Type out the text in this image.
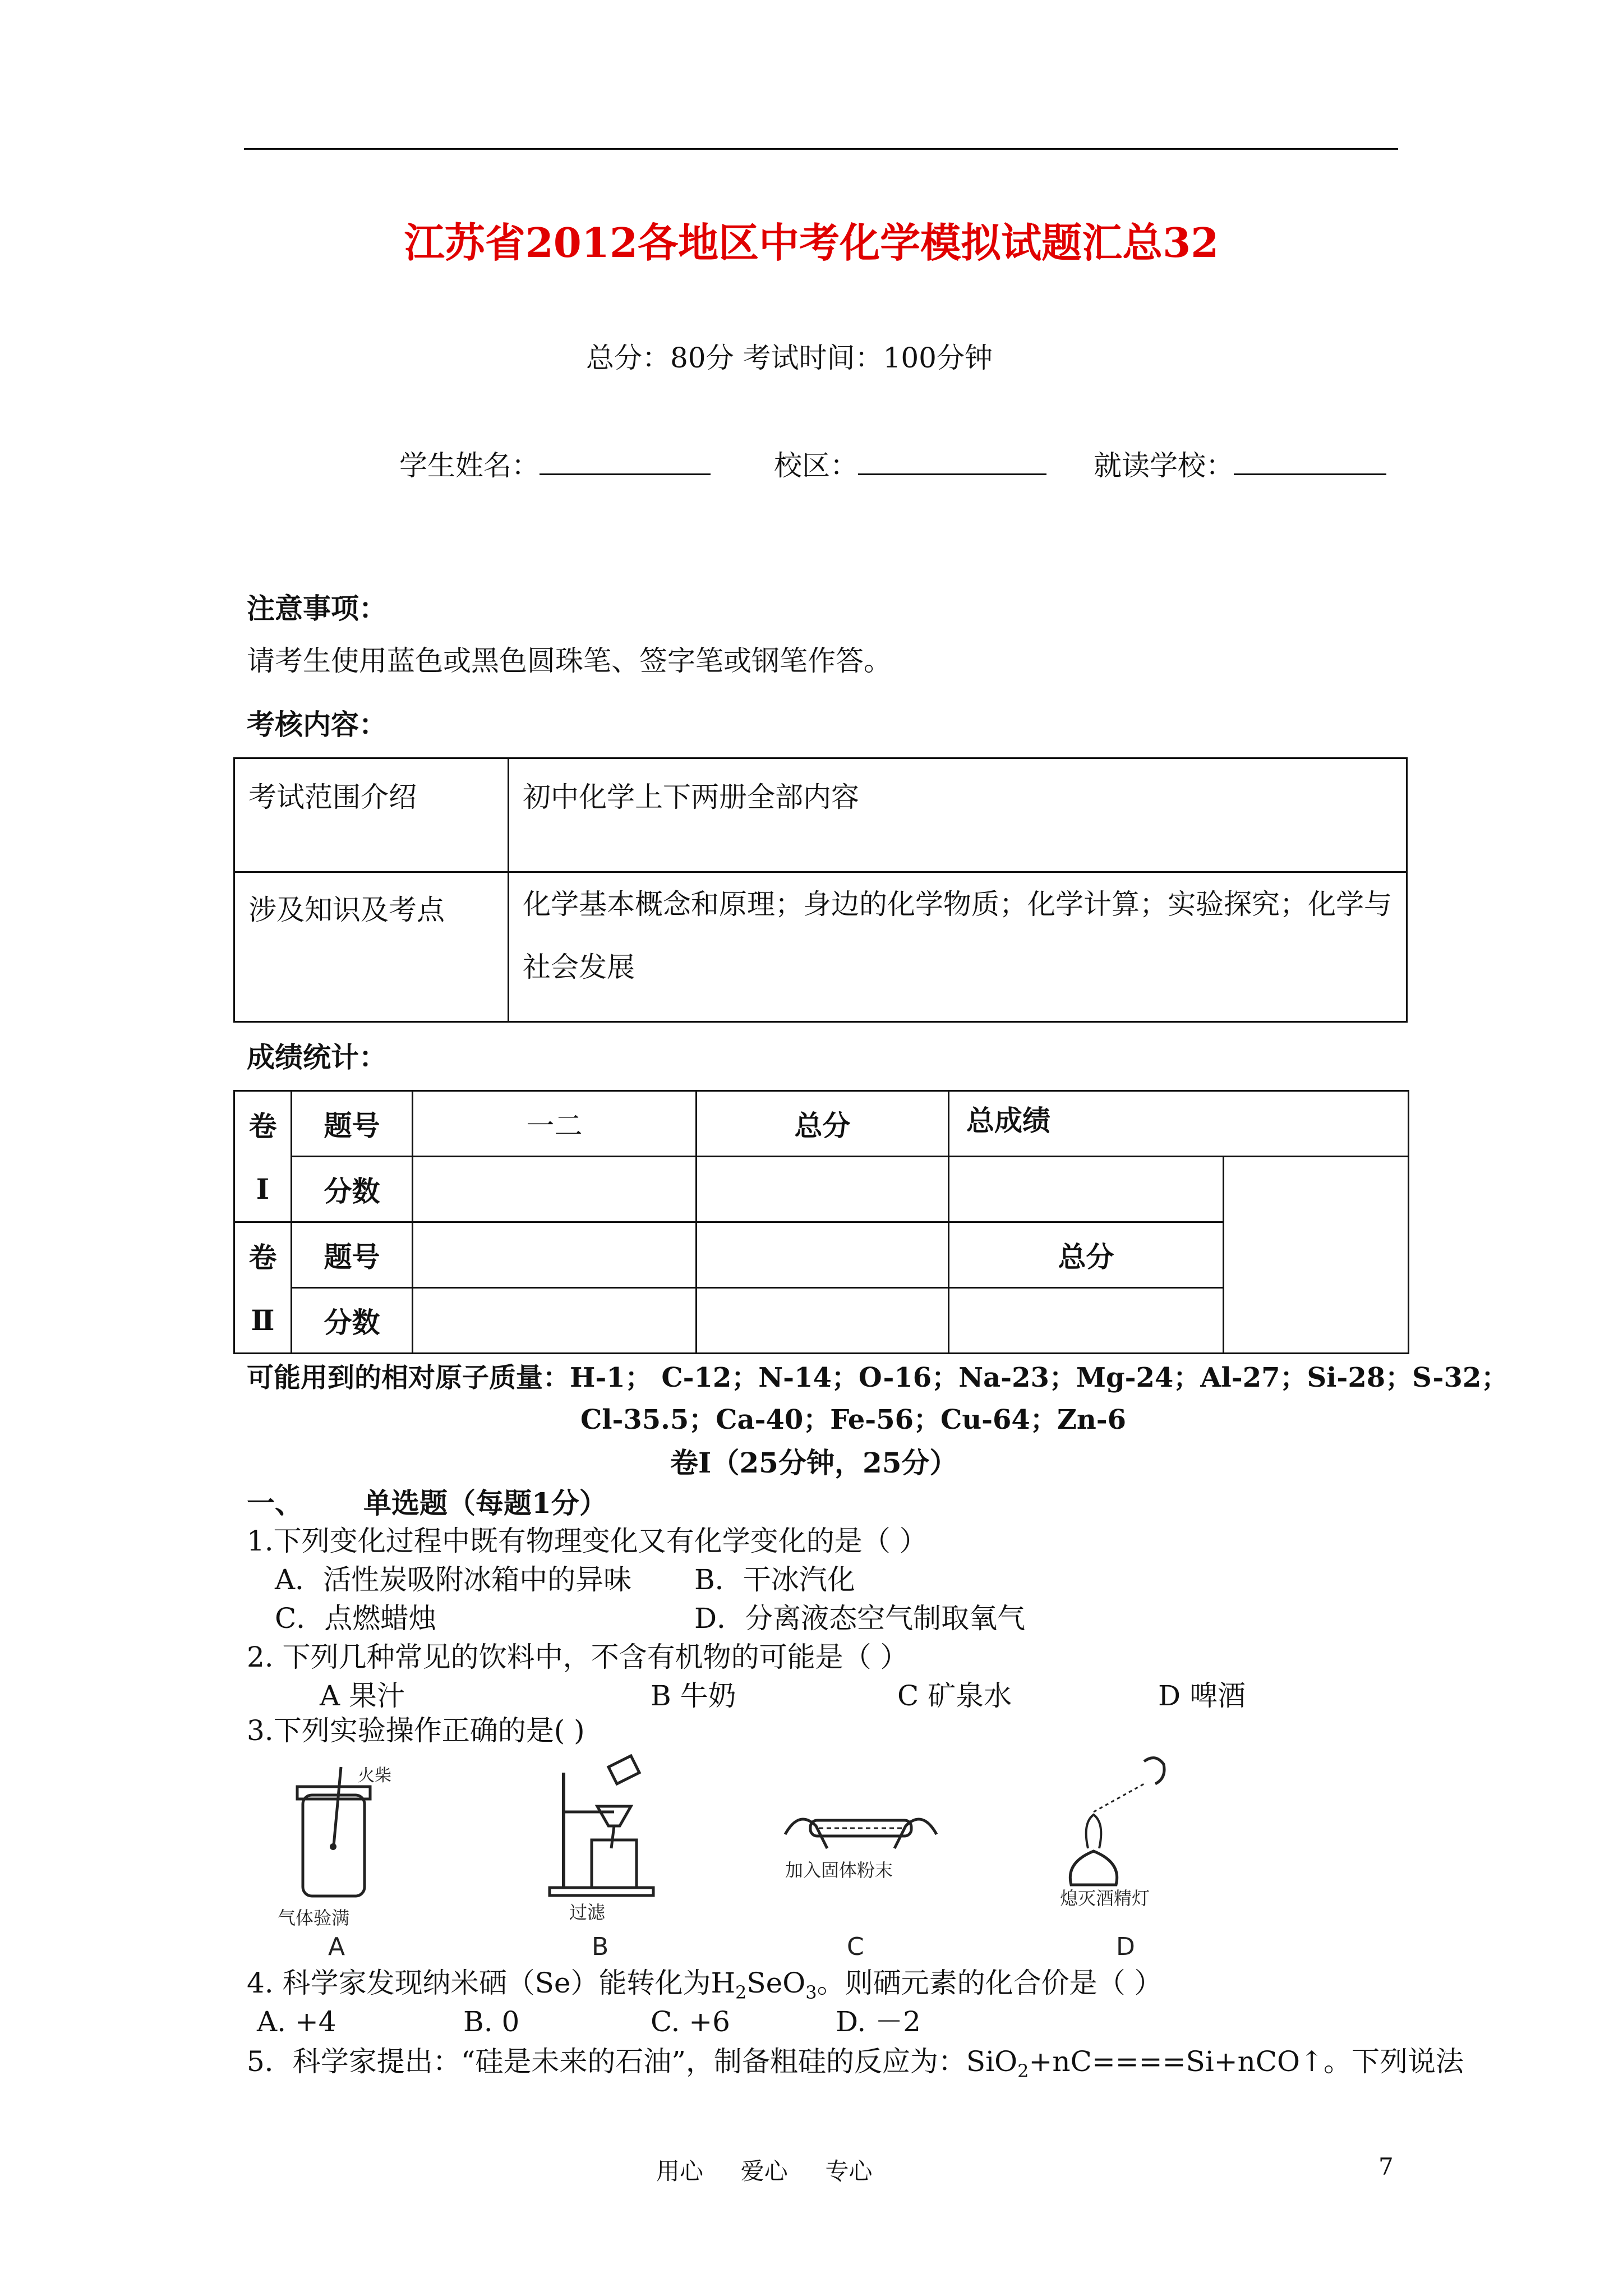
江苏省2012各地区中考化学模拟试题汇总32
总分：80分 考试时间：100分钟
学生姓名：	校区：	就读学校：
注意事项：
请考生使用蓝色或黑色圆珠笔、签字笔或钢笔作答。
考核内容：
考试范围介绍	初中化学上下两册全部内容
涉及知识及考点	化学基本概念和原理；身边的化学物质；化学计算；实验探究；化学与
社会发展
成绩统计：
卷	题号	一二	总分	总成绩	
Ⅰ	分数				
卷	题号			总分	
Ⅱ	分数				
可能用到的相对原子质量：H-1； C-12；N-14；O-16；Na-23；Mg-24；Al-27；Si-28；S-32；
Cl-35.5；Ca-40；Fe-56；Cu-64；Zn-6
卷Ⅰ（25分钟，25分）
一、 单选题（每题1分）
1.下列变化过程中既有物理变化又有化学变化的是（ ）
A．活性炭吸附冰箱中的异味 B．干冰汽化
C．点燃蜡烛	D．分离液态空气制取氧气
2. 下列几种常见的饮料中，不含有机物的可能是（ ）
A 果汁	B 牛奶	C 矿泉水	D 啤酒
3.下列实验操作正确的是( )
火柴
气体验满
A
过滤
B
加入固体粉末
C
熄灭酒精灯
D
4. 科学家发现纳米硒（Se）能转化为$H_2SeO_3$。则硒元素的化合价是（ ）
A. +4	B. 0	C. +6	D. －2
5．科学家提出：“硅是未来的石油”，制备粗硅的反应为：SiO$_2$+nC====Si+nCO↑。下列说法
用心     爱心     专心	7
